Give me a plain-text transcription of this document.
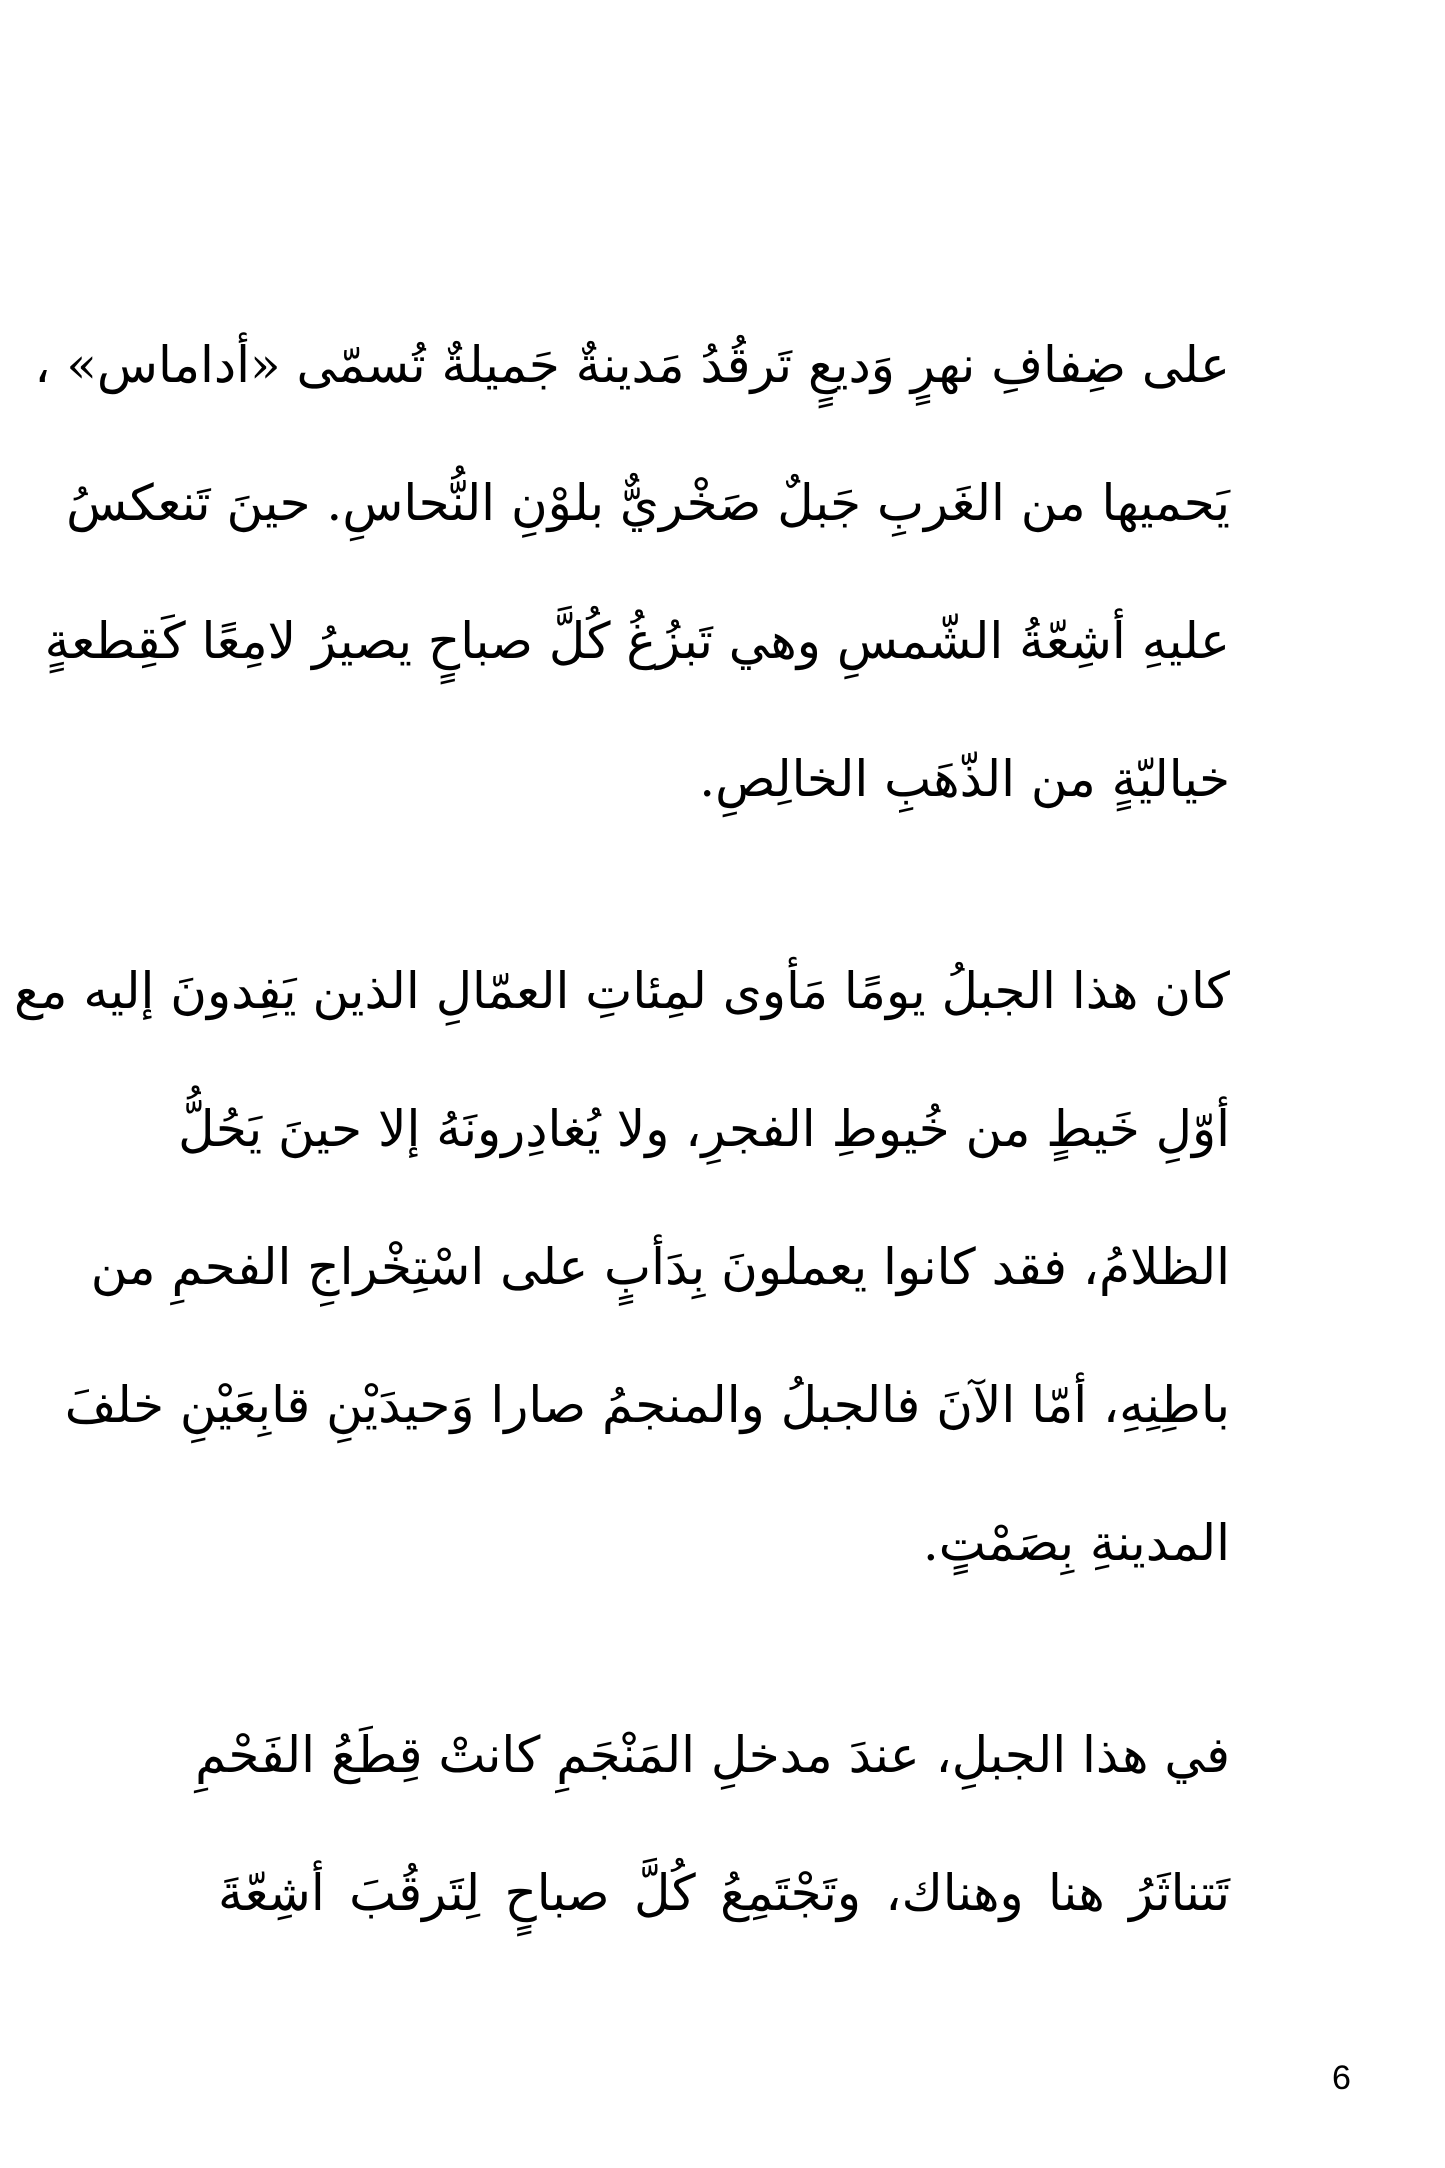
على ضِفافِ نهرٍ وَديعٍ تَرقُدُ مَدينةٌ جَميلةٌ تُسمّى «أداماس» ،
يَحميها من الغَربِ جَبلٌ صَخْريٌّ بلوْنِ النُّحاسِ. حينَ تَنعكسُ
عليهِ أشِعّةُ الشّمسِ وهي تَبزُغُ كُلَّ صباحٍ يصيرُ لامِعًا كَقِطعةٍ
خياليّةٍ من الذّهَبِ الخالِصِ.

كان هذا الجبلُ يومًا مَأوى لمِئاتِ العمّالِ الذين يَفِدونَ إليه مع
أوّلِ خَيطٍ من خُيوطِ الفجرِ، ولا يُغادِرونَهُ إلا حينَ يَحُلُّ
الظلامُ، فقد كانوا يعملونَ بِدَأبٍ على اسْتِخْراجِ الفحمِ من
باطِنِهِ، أمّا الآنَ فالجبلُ والمنجمُ صارا وَحيدَيْنِ قابِعَيْنِ خلفَ
المدينةِ بِصَمْتٍ.

في هذا الجبلِ، عندَ مدخلِ المَنْجَمِ كانتْ قِطَعُ الفَحْمِ
تَتناثَرُ هنا وهناك، وتَجْتَمِعُ كُلَّ صباحٍ لِتَرقُبَ أشِعّةَ

6
